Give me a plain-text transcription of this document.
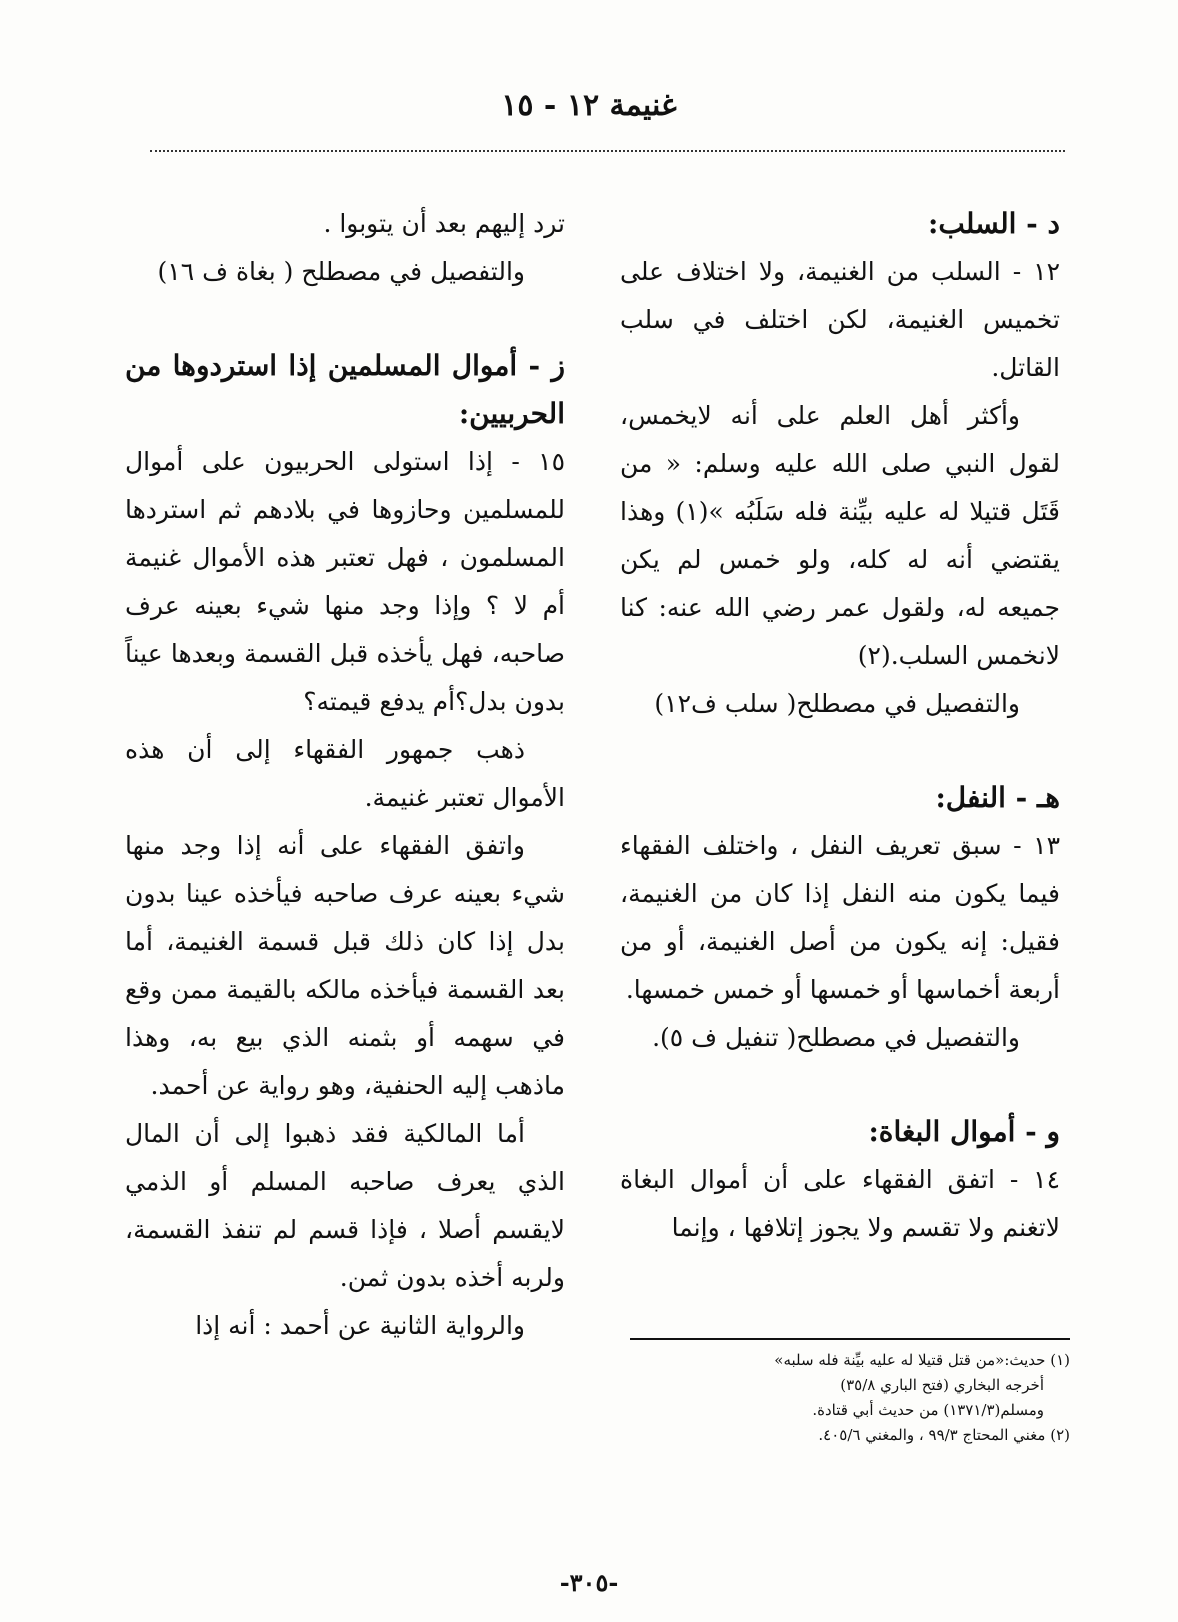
غنيمة ١٢ - ١٥

د - السلب:

١٢ - السلب من الغنيمة، ولا اختلاف على تخميس الغنيمة، لكن اختلف في سلب القاتل.

وأكثر أهل العلم على أنه لايخمس، لقول النبي صلى الله عليه وسلم: « من قَتَل قتيلا له عليه بيِّنة فله سَلَبُه »(١) وهذا يقتضي أنه له كله، ولو خمس لم يكن جميعه له، ولقول عمر رضي الله عنه: كنا لانخمس السلب.(٢)

والتفصيل في مصطلح( سلب ف١٢)

هـ - النفل:

١٣ - سبق تعريف النفل ، واختلف الفقهاء فيما يكون منه النفل إذا كان من الغنيمة، فقيل: إنه يكون من أصل الغنيمة، أو من أربعة أخماسها أو خمسها أو خمس خمسها.

والتفصيل في مصطلح( تنفيل ف ٥).

و - أموال البغاة:

١٤ - اتفق الفقهاء على أن أموال البغاة لاتغنم ولا تقسم ولا يجوز إتلافها ، وإنما

ترد إليهم بعد أن يتوبوا .

والتفصيل في مصطلح ( بغاة ف ١٦)

ز - أموال المسلمين إذا استردوها من الحربيين:

١٥ - إذا استولى الحربيون على أموال للمسلمين وحازوها في بلادهم ثم استردها المسلمون ، فهل تعتبر هذه الأموال غنيمة أم لا ؟ وإذا وجد منها شيء بعينه عرف صاحبه، فهل يأخذه قبل القسمة وبعدها عيناً بدون بدل؟أم يدفع قيمته؟

ذهب جمهور الفقهاء إلى أن هذه الأموال تعتبر غنيمة.

واتفق الفقهاء على أنه إذا وجد منها شيء بعينه عرف صاحبه فيأخذه عينا بدون بدل إذا كان ذلك قبل قسمة الغنيمة، أما بعد القسمة فيأخذه مالكه بالقيمة ممن وقع في سهمه أو بثمنه الذي بيع به، وهذا ماذهب إليه الحنفية، وهو رواية عن أحمد.

أما المالكية فقد ذهبوا إلى أن المال الذي يعرف صاحبه المسلم أو الذمي لايقسم أصلا ، فإذا قسم لم تنفذ القسمة، ولربه أخذه بدون ثمن.

والرواية الثانية عن أحمد : أنه إذا

(١) حديث:«من قتل قتيلا له عليه بيِّنة فله سلبه»

أخرجه البخاري (فتح الباري ٣٥/٨)

ومسلم(١٣٧١/٣) من حديث أبي قتادة.

(٢) مغني المحتاج ٩٩/٣ ، والمغني ٤٠٥/٦.

-٣٠٥-
